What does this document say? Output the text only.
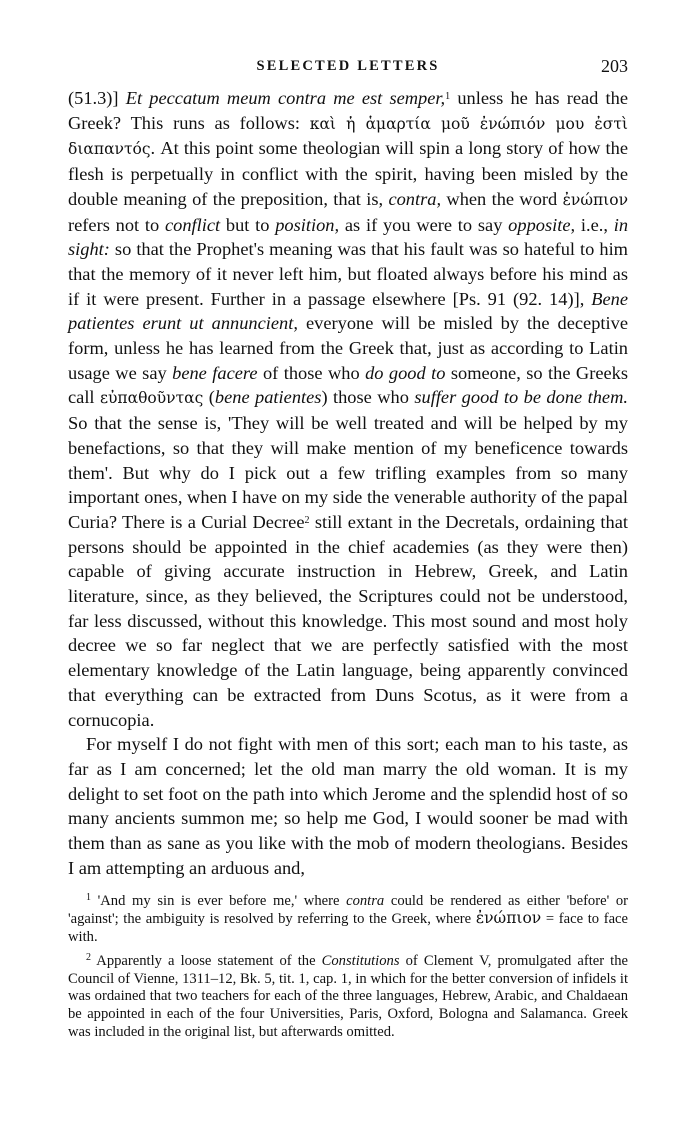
SELECTED LETTERS	203

(51.3)] Et peccatum meum contra me est semper,$^1$ unless he has read the Greek? This runs as follows: καὶ ἡ ἁμαρτία μοῦ ἐνώπιόν μου ἐστὶ διαπαντός. At this point some theologian will spin a long story of how the flesh is perpetually in conflict with the spirit, having been misled by the double meaning of the preposition, that is, contra, when the word ἐνώπιον refers not to conflict but to position, as if you were to say opposite, i.e., in sight: so that the Prophet's meaning was that his fault was so hateful to him that the memory of it never left him, but floated always before his mind as if it were present. Further in a passage elsewhere [Ps. 91 (92. 14)], Bene patientes erunt ut annuncient, everyone will be misled by the deceptive form, unless he has learned from the Greek that, just as according to Latin usage we say bene facere of those who do good to someone, so the Greeks call εὐπαθοῦντας (bene patientes) those who suffer good to be done them. So that the sense is, 'They will be well treated and will be helped by my benefactions, so that they will make mention of my beneficence towards them'. But why do I pick out a few trifling examples from so many important ones, when I have on my side the venerable authority of the papal Curia? There is a Curial Decree$^2$ still extant in the Decretals, ordaining that persons should be appointed in the chief academies (as they were then) capable of giving accurate instruction in Hebrew, Greek, and Latin literature, since, as they believed, the Scriptures could not be understood, far less discussed, without this knowledge. This most sound and most holy decree we so far neglect that we are perfectly satisfied with the most elementary knowledge of the Latin language, being apparently convinced that everything can be extracted from Duns Scotus, as it were from a cornucopia.

For myself I do not fight with men of this sort; each man to his taste, as far as I am concerned; let the old man marry the old woman. It is my delight to set foot on the path into which Jerome and the splendid host of so many ancients summon me; so help me God, I would sooner be mad with them than as sane as you like with the mob of modern theologians. Besides I am attempting an arduous and,

$^1$ 'And my sin is ever before me,' where contra could be rendered as either 'before' or 'against'; the ambiguity is resolved by referring to the Greek, where ἐνώπιον = face to face with.

$^2$ Apparently a loose statement of the Constitutions of Clement V, promulgated after the Council of Vienne, 1311–12, Bk. 5, tit. 1, cap. 1, in which for the better conversion of infidels it was ordained that two teachers for each of the three languages, Hebrew, Arabic, and Chaldaean be appointed in each of the four Universities, Paris, Oxford, Bologna and Salamanca. Greek was included in the original list, but afterwards omitted.
